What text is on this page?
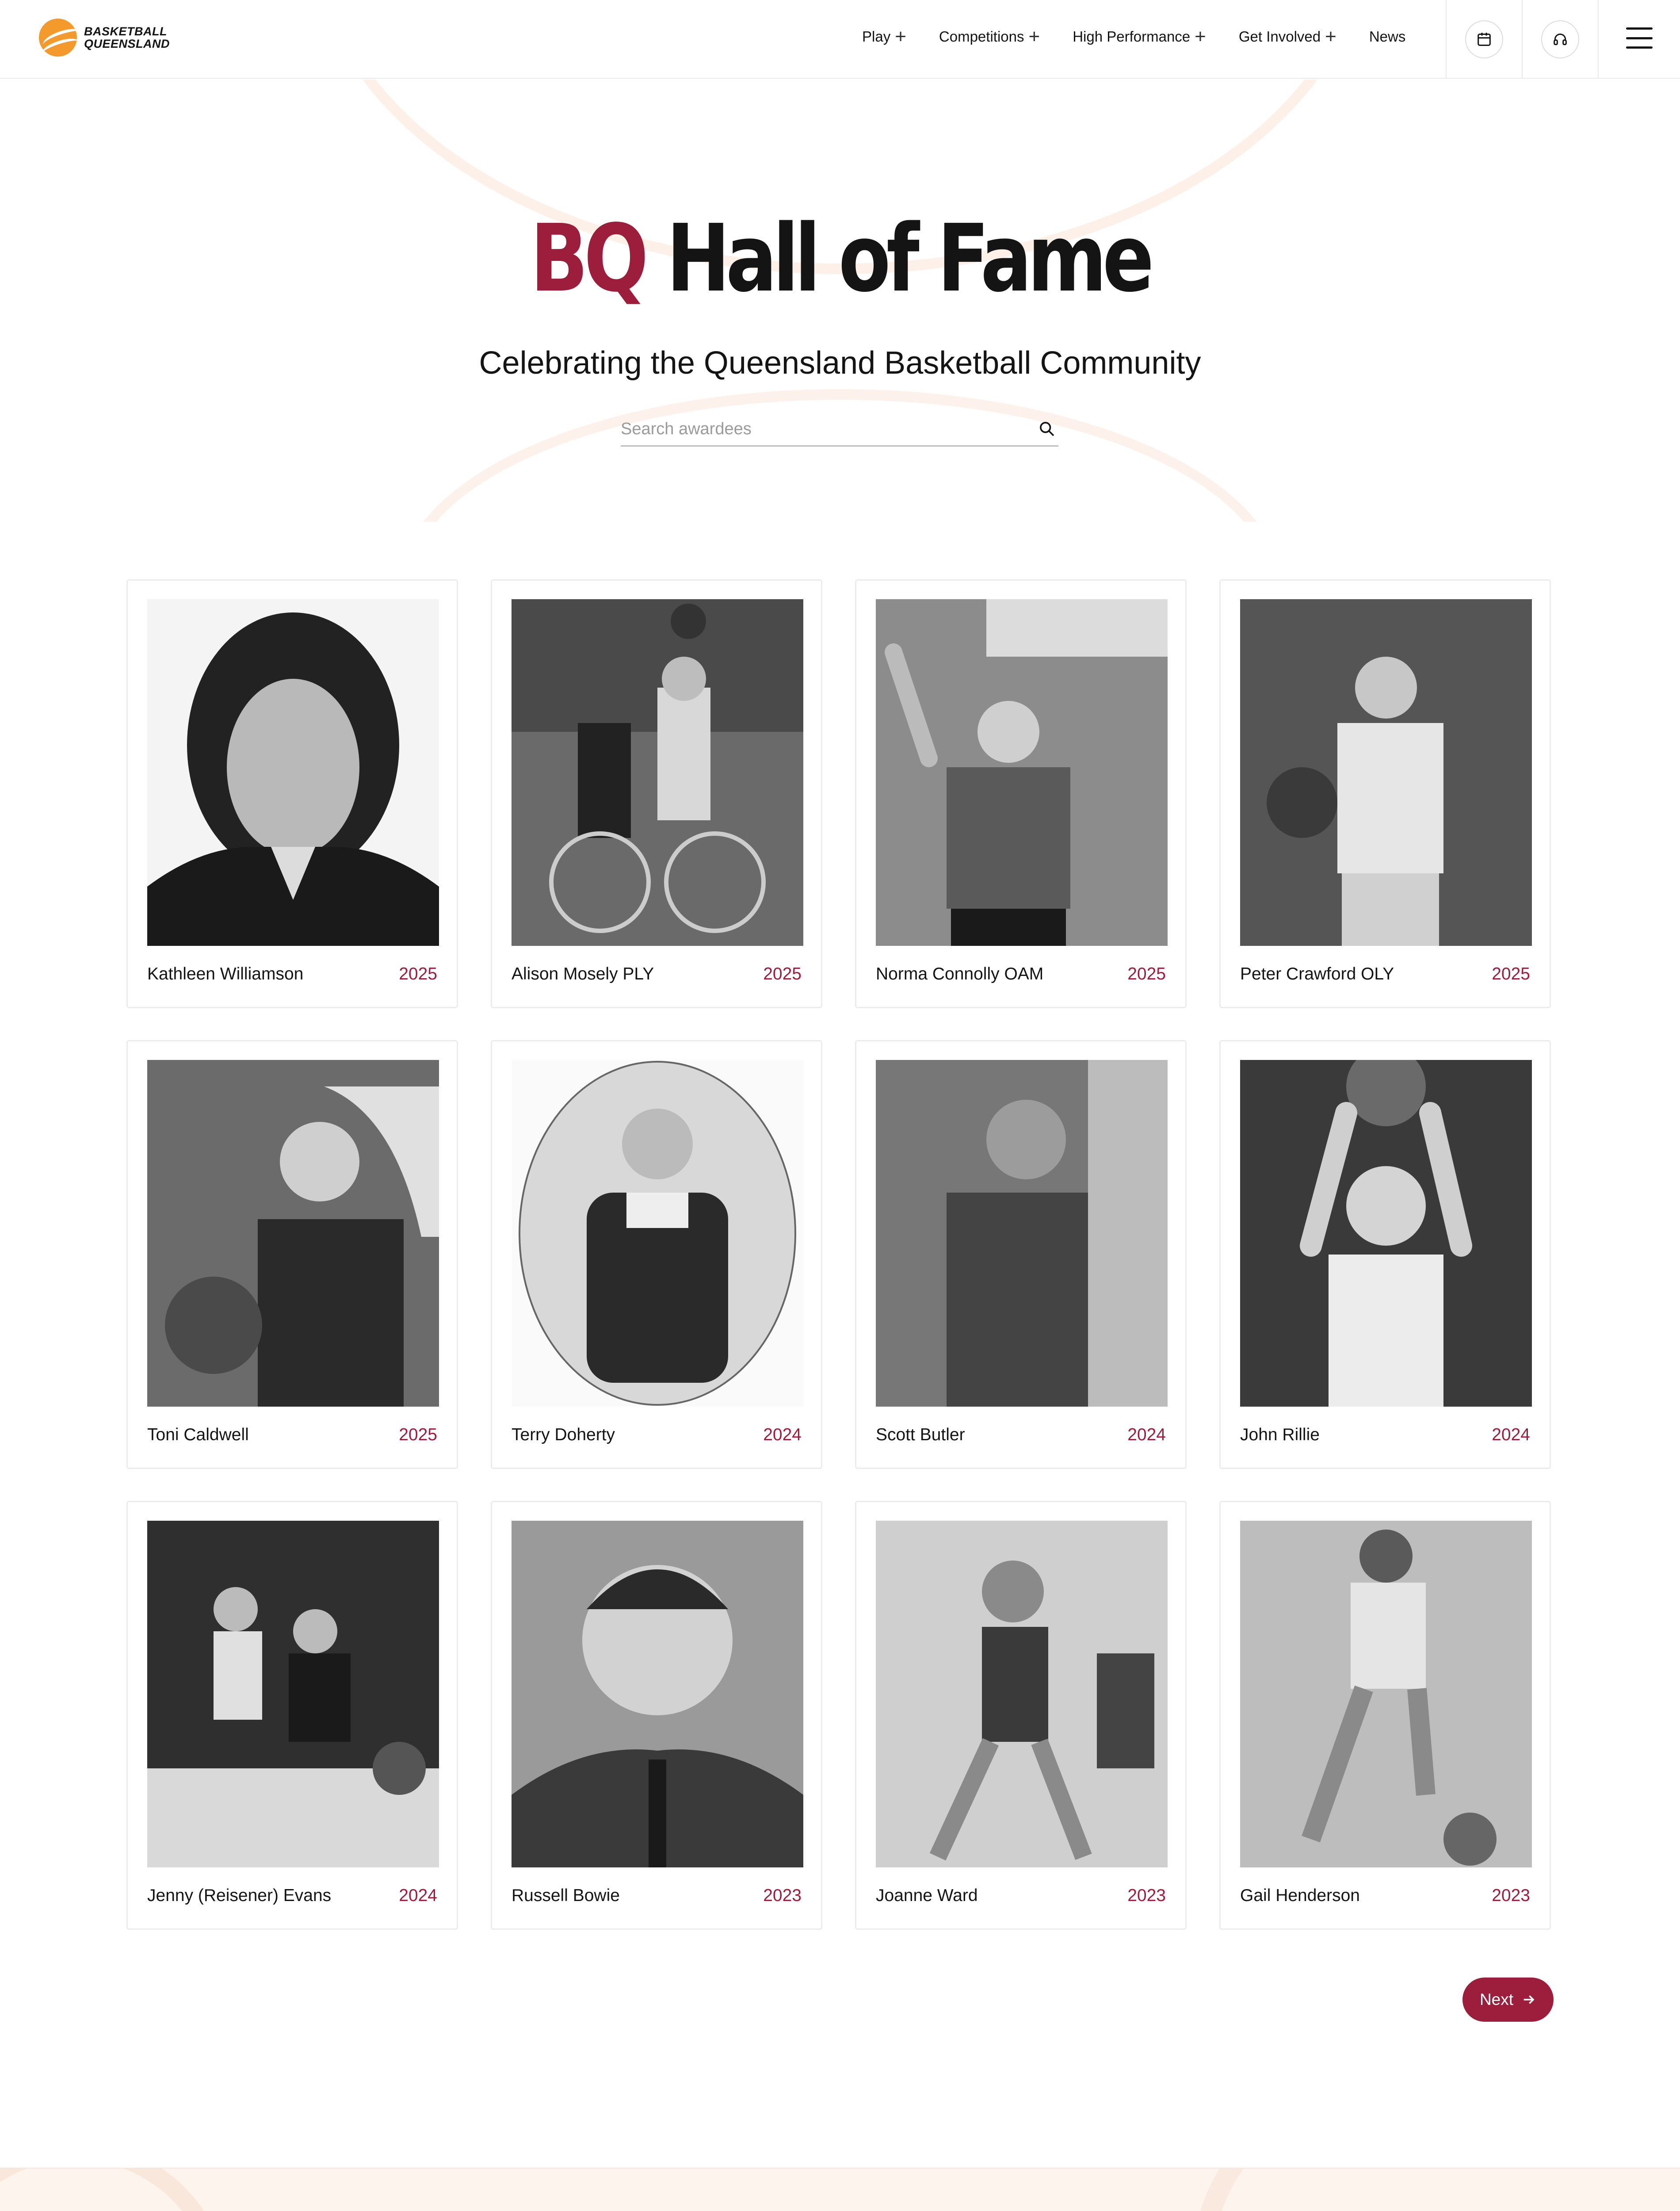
BASKETBALL
QUEENSLAND	Play + Competitions + High Performance + Get Involved + News
BQ Hall of Fame

Celebrating the Queensland Basketball Community

Search awardees
Kathleen Williamson	2025	Alison Mosely PLY	2025	Norma Connolly OAM	2025	Peter Crawford OLY	2025
Toni Caldwell	2025	Terry Doherty	2024	Scott Butler	2024	John Rillie	2024
Jenny (Reisener) Evans	2024	Russell Bowie	2023	Joanne Ward	2023	Gail Henderson	2023
Next
